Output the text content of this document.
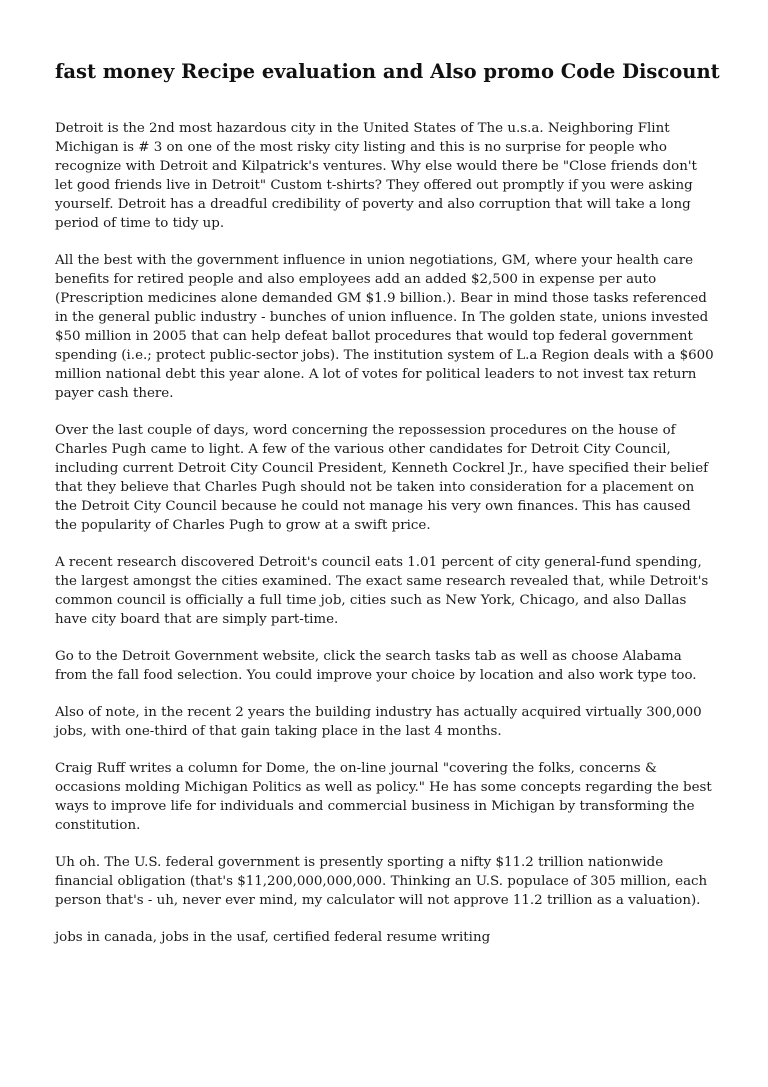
fast money Recipe evaluation and Also promo Code Discount

Detroit is the 2nd most hazardous city in the United States of The u.s.a. Neighboring Flint Michigan is # 3 on one of the most risky city listing and this is no surprise for people who recognize with Detroit and Kilpatrick's ventures. Why else would there be "Close friends don't let good friends live in Detroit" Custom t-shirts? They offered out promptly if you were asking yourself. Detroit has a dreadful credibility of poverty and also corruption that will take a long period of time to tidy up.

All the best with the government influence in union negotiations, GM, where your health care benefits for retired people and also employees add an added $2,500 in expense per auto (Prescription medicines alone demanded GM $1.9 billion.). Bear in mind those tasks referenced in the general public industry - bunches of union influence. In The golden state, unions invested $50 million in 2005 that can help defeat ballot procedures that would top federal government spending (i.e.; protect public-sector jobs). The institution system of L.a Region deals with a $600 million national debt this year alone. A lot of votes for political leaders to not invest tax return payer cash there.

Over the last couple of days, word concerning the repossession procedures on the house of Charles Pugh came to light. A few of the various other candidates for Detroit City Council, including current Detroit City Council President, Kenneth Cockrel Jr., have specified their belief that they believe that Charles Pugh should not be taken into consideration for a placement on the Detroit City Council because he could not manage his very own finances. This has caused the popularity of Charles Pugh to grow at a swift price.

A recent research discovered Detroit's council eats 1.01 percent of city general-fund spending, the largest amongst the cities examined. The exact same research revealed that, while Detroit's common council is officially a full time job, cities such as New York, Chicago, and also Dallas have city board that are simply part-time.

Go to the Detroit Government website, click the search tasks tab as well as choose Alabama from the fall food selection. You could improve your choice by location and also work type too.

Also of note, in the recent 2 years the building industry has actually acquired virtually 300,000 jobs, with one-third of that gain taking place in the last 4 months.

Craig Ruff writes a column for Dome, the on-line journal "covering the folks, concerns & occasions molding Michigan Politics as well as policy." He has some concepts regarding the best ways to improve life for individuals and commercial business in Michigan by transforming the constitution.

Uh oh. The U.S. federal government is presently sporting a nifty $11.2 trillion nationwide financial obligation (that's $11,200,000,000,000. Thinking an U.S. populace of 305 million, each person that's - uh, never ever mind, my calculator will not approve 11.2 trillion as a valuation).

jobs in canada, jobs in the usaf, certified federal resume writing
